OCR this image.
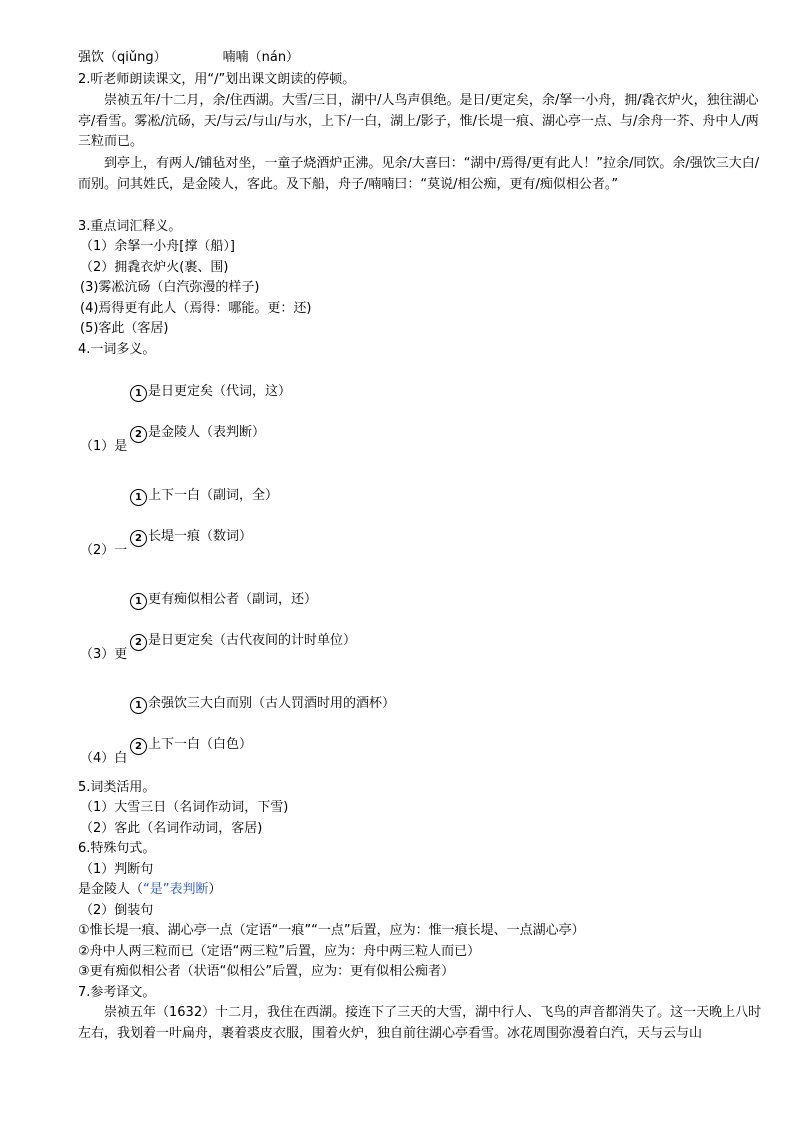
强饮（qiǔng）	喃喃（nán）
2.听老师朗读课文，用“/”划出课文朗读的停顿。
崇祯五年/十二月，余/住西湖。大雪/三日，湖中/人鸟声俱绝。是日/更定矣，余/拏一小舟，拥/毳衣炉火，独往湖心亭/看雪。雾凇/沆砀，天/与云/与山/与水，上下/一白，湖上/影子，惟/长堤一痕、湖心亭一点、与/余舟一芥、舟中人/两三粒而已。
到亭上，有两人/铺毡对坐，一童子烧酒炉正沸。见余/大喜曰：“湖中/焉得/更有此人！”拉余/同饮。余/强饮三大白/而别。问其姓氏，是金陵人，客此。及下船，舟子/喃喃曰：“莫说/相公痴，更有/痴似相公者。”
3.重点词汇释义。
（1）余拏一小舟[撑（船）]
（2）拥毳衣炉火(裹、围)
(3)雾凇沆砀（白汽弥漫的样子)
(4)焉得更有此人（焉得：哪能。更：还)
(5)客此（客居)
4.一词多义。
1 是日更定矣（代词，这）
2 是金陵人（表判断）
（1）是
1 上下一白（副词，全）
2 长堤一痕（数词）
（2）一
1 更有痴似相公者（副词，还）
2 是日更定矣（古代夜间的计时单位）
（3）更
1 余强饮三大白而别（古人罚酒时用的酒杯）
2 上下一白（白色）
（4）白
5.词类活用。
（1）大雪三日（名词作动词，下雪)
（2）客此（名词作动词，客居)
6.特殊句式。
（1）判断句
是金陵人（“是”表判断）
（2）倒装句
①惟长堤一痕、湖心亭一点（定语“一痕”“一点”后置，应为：惟一痕长堤、一点湖心亭）
②舟中人两三粒而已（定语“两三粒”后置，应为：舟中两三粒人而已）
③更有痴似相公者（状语“似相公”后置，应为：更有似相公痴者）
7.参考译文。
崇祯五年（1632）十二月，我住在西湖。接连下了三天的大雪，湖中行人、飞鸟的声音都消失了。这一天晚上八时左右，我划着一叶扁舟，裹着裘皮衣服，围着火炉，独自前往湖心亭看雪。冰花周围弥漫着白汽，天与云与山
